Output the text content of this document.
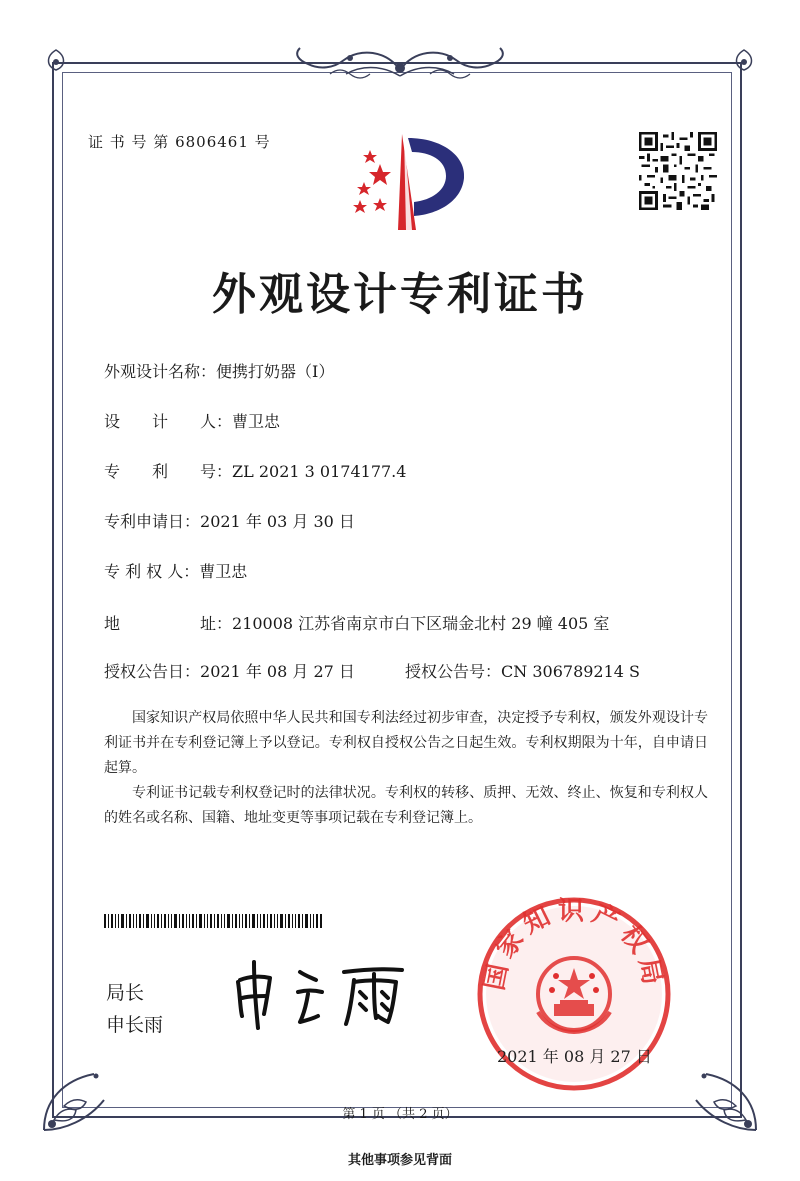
证 书 号 第 6806461 号
外观设计专利证书
外观设计名称：便携打奶器（I）
设　　计　　人：曹卫忠
专　　利　　号：ZL 2021 3 0174177.4
专利申请日：2021 年 03 月 30 日
专 利 权 人：曹卫忠
地　　　　　址：210008 江苏省南京市白下区瑞金北村 29 幢 405 室
授权公告日：2021 年 08 月 27 日	授权公告号：CN 306789214 S
国家知识产权局依照中华人民共和国专利法经过初步审查，决定授予专利权，颁发外观设计专利证书并在专利登记簿上予以登记。专利权自授权公告之日起生效。专利权期限为十年，自申请日起算。
专利证书记载专利权登记时的法律状况。专利权的转移、质押、无效、终止、恢复和专利权人的姓名或名称、国籍、地址变更等事项记载在专利登记簿上。
局长
申长雨
国家知识产权局
2021 年 08 月 27 日
第 1 页 （共 2 页）
其他事项参见背面
